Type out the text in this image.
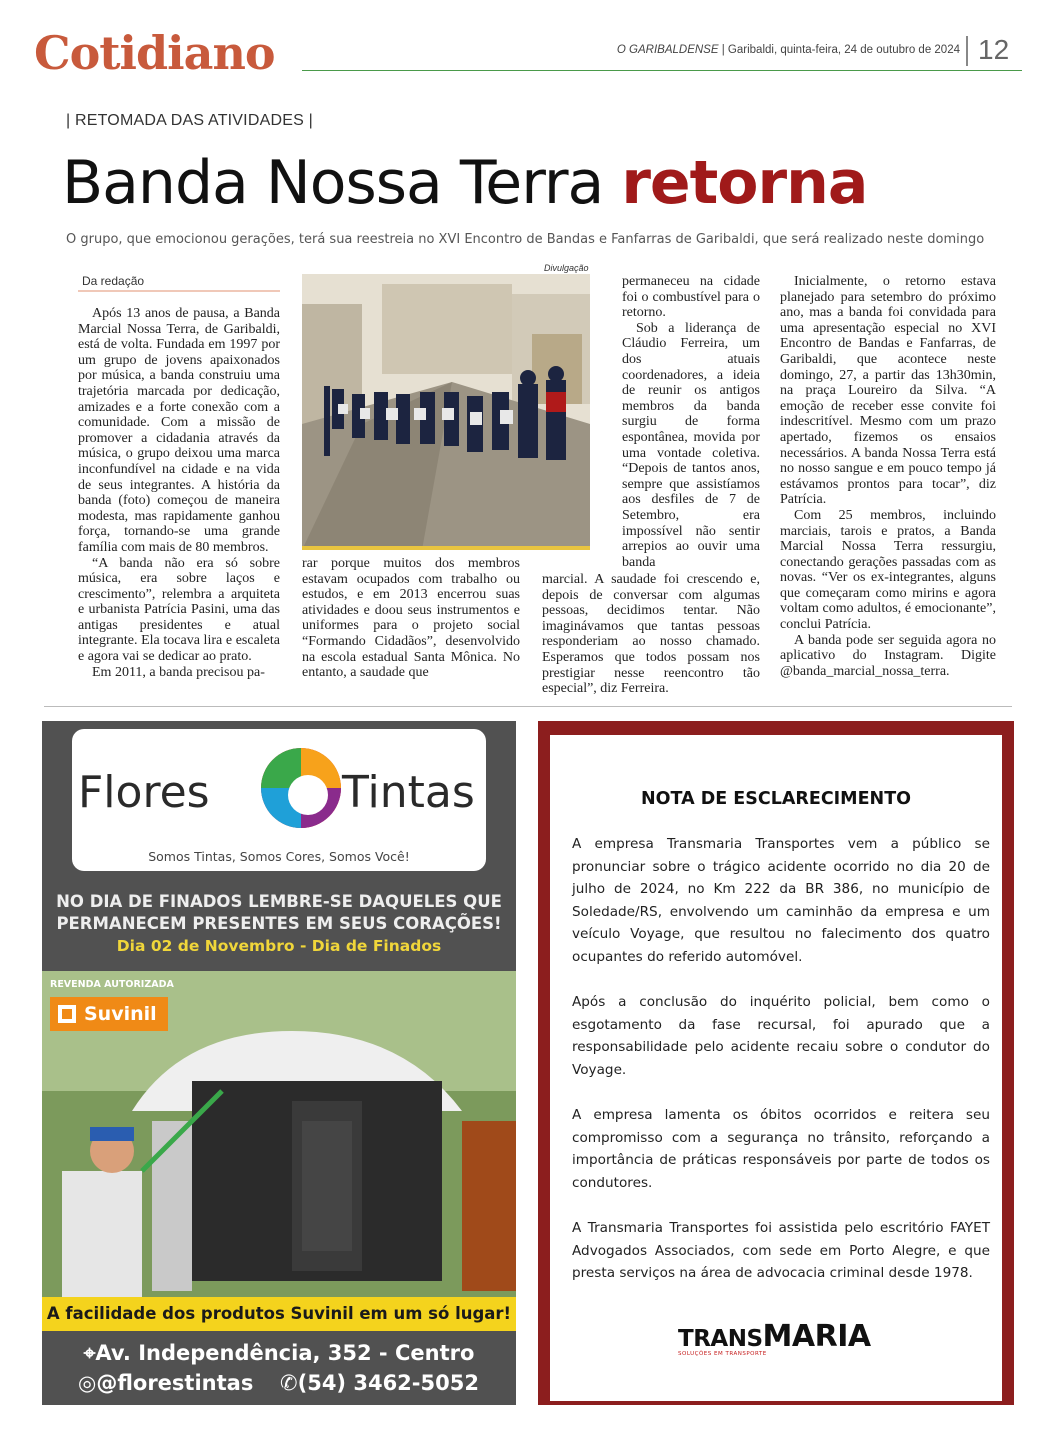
Cotidiano	O GARIBALDENSE | Garibaldi, quinta-feira, 24 de outubro de 2024 12
| RETOMADA DAS ATIVIDADES |
Banda Nossa Terra retorna
O grupo, que emocionou gerações, terá sua reestreia no XVI Encontro de Bandas e Fanfarras de Garibaldi, que será realizado neste domingo
Da redação

Após 13 anos de pausa, a Banda Marcial Nossa Terra, de Garibaldi, está de volta. Fundada em 1997 por um grupo de jovens apaixonados por música, a banda construiu uma trajetória marcada por dedicação, amizades e a forte conexão com a comunidade. Com a missão de promover a cidadania através da música, o grupo deixou uma marca inconfundível na cidade e na vida de seus integrantes. A história da banda (foto) começou de maneira modesta, mas rapidamente ganhou força, tornando-se uma grande família com mais de 80 membros.

“A banda não era só sobre música, era sobre laços e crescimento”, relembra a arquiteta e urbanista Patrícia Pasini, uma das antigas presidentes e atual integrante. Ela tocava lira e escaleta e agora vai se dedicar ao prato.

Em 2011, a banda precisou pa-

Divulgação

rar porque muitos dos membros estavam ocupados com trabalho ou estudos, e em 2013 encerrou suas atividades e doou seus instrumentos e uniformes para o projeto social “Formando Cidadãos”, desenvolvido na escola estadual Santa Mônica. No entanto, a saudade que

permaneceu na cidade foi o combustível para o retorno.

Sob a liderança de Cláudio Ferreira, um dos atuais coordenadores, a ideia de reunir os antigos membros da banda surgiu de forma espontânea, movida por uma vontade coletiva. “Depois de tantos anos, sempre que assistíamos aos desfiles de 7 de Setembro, era impossível não sentir arrepios ao ouvir uma banda

marcial. A saudade foi crescendo e, depois de conversar com algumas pessoas, decidimos tentar. Não imaginávamos que tantas pessoas responderiam ao nosso chamado. Esperamos que todos possam nos prestigiar nesse reencontro tão especial”, diz Ferreira.

Inicialmente, o retorno estava planejado para setembro do próximo ano, mas a banda foi convidada para uma apresentação especial no XVI Encontro de Bandas e Fanfarras, de Garibaldi, que acontece neste domingo, 27, a partir das 13h30min, na praça Loureiro da Silva. “A emoção de receber esse convite foi indescritível. Mesmo com um prazo apertado, fizemos os ensaios necessários. A banda Nossa Terra está no nosso sangue e em pouco tempo já estávamos prontos para tocar”, diz Patrícia.

Com 25 membros, incluindo marciais, tarois e pratos, a Banda Marcial Nossa Terra ressurgiu, conectando gerações passadas com as novas. “Ver os ex-integrantes, alguns que começaram como mirins e agora voltam como adultos, é emocionante”, conclui Patrícia.

A banda pode ser seguida agora no aplicativo do Instagram. Digite @banda_marcial_nossa_terra.

Flores	Tintas
Somos Tintas, Somos Cores, Somos Você!
NO DIA DE FINADOS LEMBRE-SE DAQUELES QUE PERMANECEM PRESENTES EM SEUS CORAÇÕES!
Dia 02 de Novembro - Dia de Finados
REVENDA AUTORIZADA
Suvinil
A facilidade dos produtos Suvinil em um só lugar!
⌖Av. Independência, 352 - Centro
◎@florestintas ✆(54) 3462-5052
NOTA DE ESCLARECIMENTO

A empresa Transmaria Transportes vem a público se pronunciar sobre o trágico acidente ocorrido no dia 20 de julho de 2024, no Km 222 da BR 386, no município de Soledade/RS, envolvendo um caminhão da empresa e um veículo Voyage, que resultou no falecimento dos quatro ocupantes do referido automóvel.

Após a conclusão do inquérito policial, bem como o esgotamento da fase recursal, foi apurado que a responsabilidade pelo acidente recaiu sobre o condutor do Voyage.

A empresa lamenta os óbitos ocorridos e reitera seu compromisso com a segurança no trânsito, reforçando a importância de práticas responsáveis por parte de todos os condutores.

A Transmaria Transportes foi assistida pelo escritório FAYET Advogados Associados, com sede em Porto Alegre, e que presta serviços na área de advocacia criminal desde 1978.

TRANSMARIA
SOLUÇÕES EM TRANSPORTE
